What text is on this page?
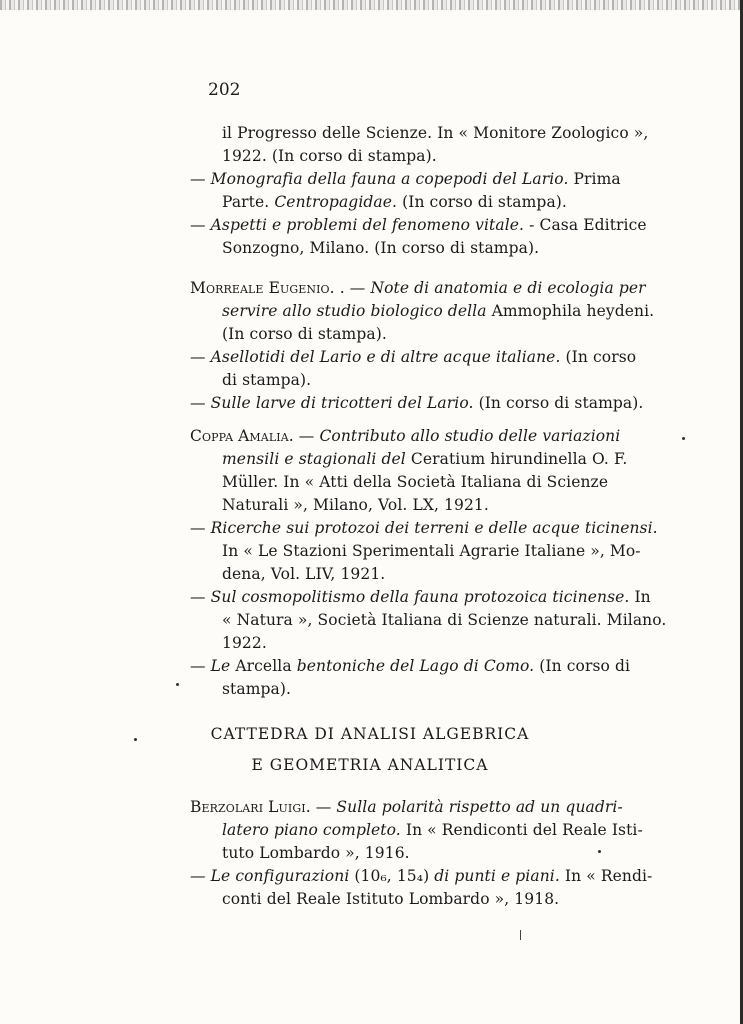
202
il Progresso delle Scienze. In « Monitore Zoologico »,
1922. (In corso di stampa).
— Monografia della fauna a copepodi del Lario. Prima
Parte. Centropagidae. (In corso di stampa).
— Aspetti e problemi del fenomeno vitale. - Casa Editrice
Sonzogno, Milano. (In corso di stampa).
Morreale Eugenio. . — Note di anatomia e di ecologia per
servire allo studio biologico della Ammophila heydeni.
(In corso di stampa).
— Asellotidi del Lario e di altre acque italiane. (In corso
di stampa).
— Sulle larve di tricotteri del Lario. (In corso di stampa).
Coppa Amalia. — Contributo allo studio delle variazioni
mensili e stagionali del Ceratium hirundinella O. F.
Müller. In « Atti della Società Italiana di Scienze
Naturali », Milano, Vol. LX, 1921.
— Ricerche sui protozoi dei terreni e delle acque ticinensi.
In « Le Stazioni Sperimentali Agrarie Italiane », Mo-
dena, Vol. LIV, 1921.
— Sul cosmopolitismo della fauna protozoica ticinense. In
« Natura », Società Italiana di Scienze naturali. Milano.
1922.
— Le Arcella bentoniche del Lago di Como. (In corso di
stampa).
CATTEDRA DI ANALISI ALGEBRICA
E GEOMETRIA ANALITICA
Berzolari Luigi. — Sulla polarità rispetto ad un quadri-
latero piano completo. In « Rendiconti del Reale Isti-
tuto Lombardo », 1916.
— Le configurazioni (10₆, 15₄) di punti e piani. In « Rendi-
conti del Reale Istituto Lombardo », 1918.
